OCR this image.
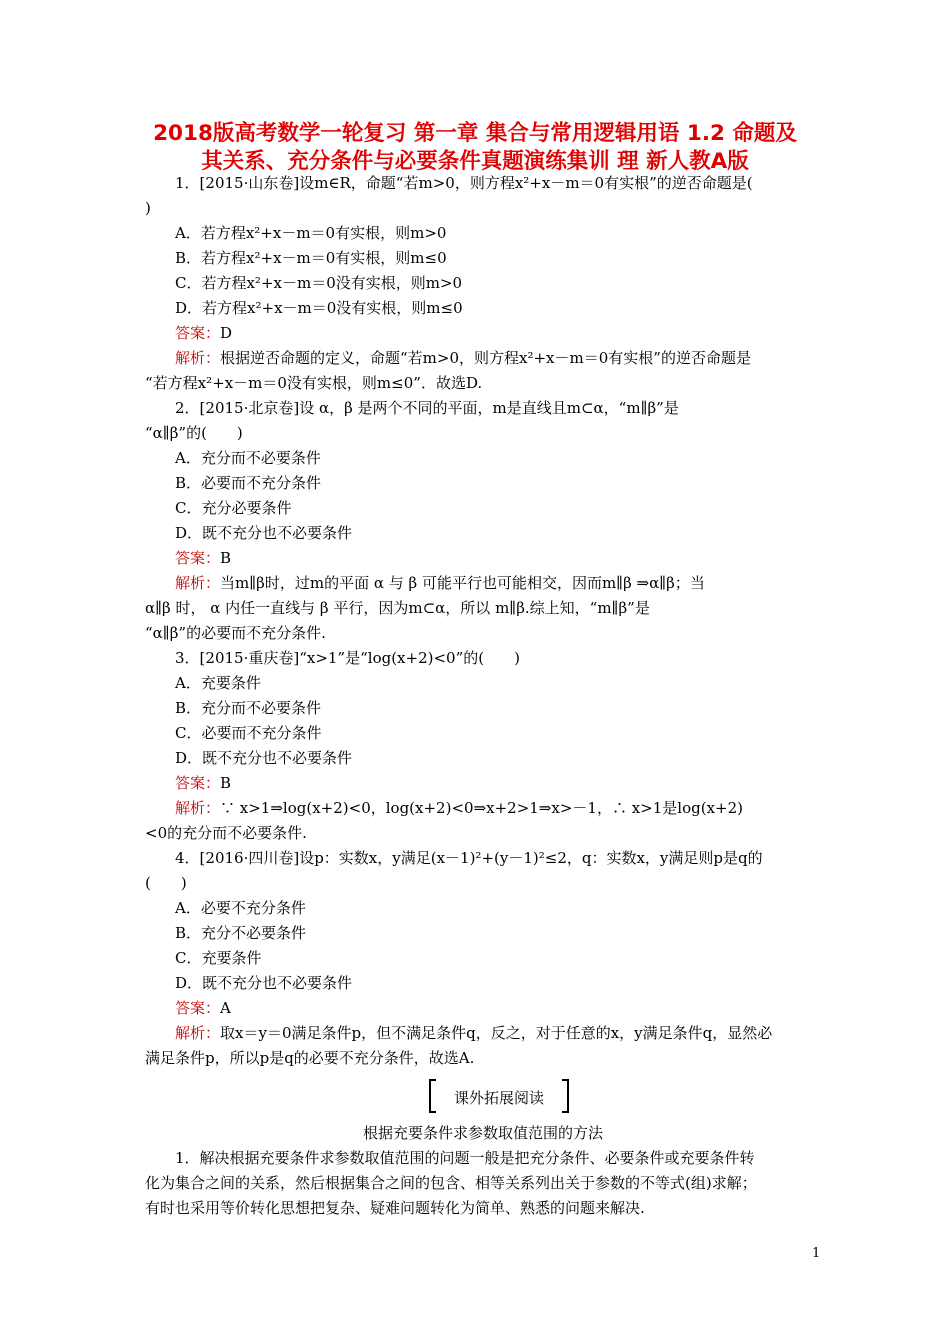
2018版高考数学一轮复习 第一章 集合与常用逻辑用语 1.2 命题及
其关系、充分条件与必要条件真题演练集训 理 新人教A版
1．[2015·山东卷]设m∈R，命题“若m>0，则方程x²+x－m＝0有实根”的逆否命题是(
)
A．若方程x²+x－m＝0有实根，则m>0
B．若方程x²+x－m＝0有实根，则m≤0
C．若方程x²+x－m＝0没有实根，则m>0
D．若方程x²+x－m＝0没有实根，则m≤0
答案：D
解析：根据逆否命题的定义，命题“若m>0，则方程x²+x－m＝0有实根”的逆否命题是
“若方程x²+x－m＝0没有实根，则m≤0”．故选D.
2．[2015·北京卷]设 α，β 是两个不同的平面，m是直线且m⊂α，“m∥β”是
“α∥β”的(　　)
A．充分而不必要条件
B．必要而不充分条件
C．充分必要条件
D．既不充分也不必要条件
答案：B
解析：当m∥β时，过m的平面 α 与 β 可能平行也可能相交，因而m∥β ⇒α∥β；当
α∥β 时， α 内任一直线与 β 平行，因为m⊂α，所以 m∥β.综上知，“m∥β”是
“α∥β”的必要而不充分条件.
3．[2015·重庆卷]“x>1”是“log(x+2)<0”的(　　)
A．充要条件
B．充分而不必要条件
C．必要而不充分条件
D．既不充分也不必要条件
答案：B
解析：∵ x>1⇒log(x+2)<0，log(x+2)<0⇒x+2>1⇒x>－1，∴ x>1是log(x+2)
<0的充分而不必要条件.
4．[2016·四川卷]设p：实数x，y满足(x－1)²+(y－1)²≤2，q：实数x，y满足则p是q的
(　　)
A．必要不充分条件
B．充分不必要条件
C．充要条件
D．既不充分也不必要条件
答案：A
解析：取x＝y＝0满足条件p，但不满足条件q，反之，对于任意的x，y满足条件q，显然必
满足条件p，所以p是q的必要不充分条件，故选A.
课外拓展阅读
根据充要条件求参数取值范围的方法
1．解决根据充要条件求参数取值范围的问题一般是把充分条件、必要条件或充要条件转
化为集合之间的关系，然后根据集合之间的包含、相等关系列出关于参数的不等式(组)求解；
有时也采用等价转化思想把复杂、疑难问题转化为简单、熟悉的问题来解决.
1
